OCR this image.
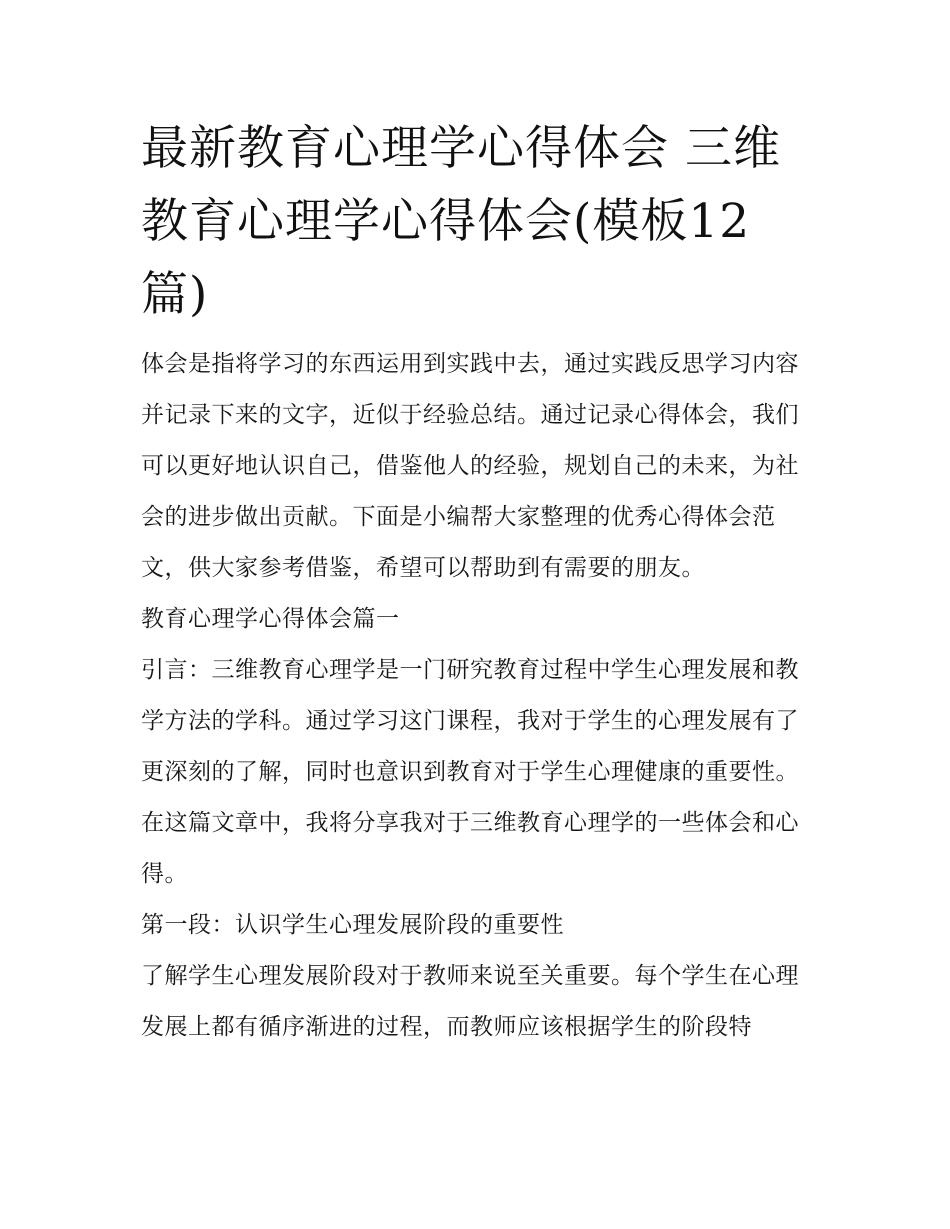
最新教育心理学心得体会 三维教育心理学心得体会(模板12篇)

体会是指将学习的东西运用到实践中去，通过实践反思学习内容并记录下来的文字，近似于经验总结。通过记录心得体会，我们可以更好地认识自己，借鉴他人的经验，规划自己的未来，为社会的进步做出贡献。下面是小编帮大家整理的优秀心得体会范文，供大家参考借鉴，希望可以帮助到有需要的朋友。

教育心理学心得体会篇一

引言：三维教育心理学是一门研究教育过程中学生心理发展和教学方法的学科。通过学习这门课程，我对于学生的心理发展有了更深刻的了解，同时也意识到教育对于学生心理健康的重要性。在这篇文章中，我将分享我对于三维教育心理学的一些体会和心得。

第一段：认识学生心理发展阶段的重要性

了解学生心理发展阶段对于教师来说至关重要。每个学生在心理发展上都有循序渐进的过程，而教师应该根据学生的阶段特
